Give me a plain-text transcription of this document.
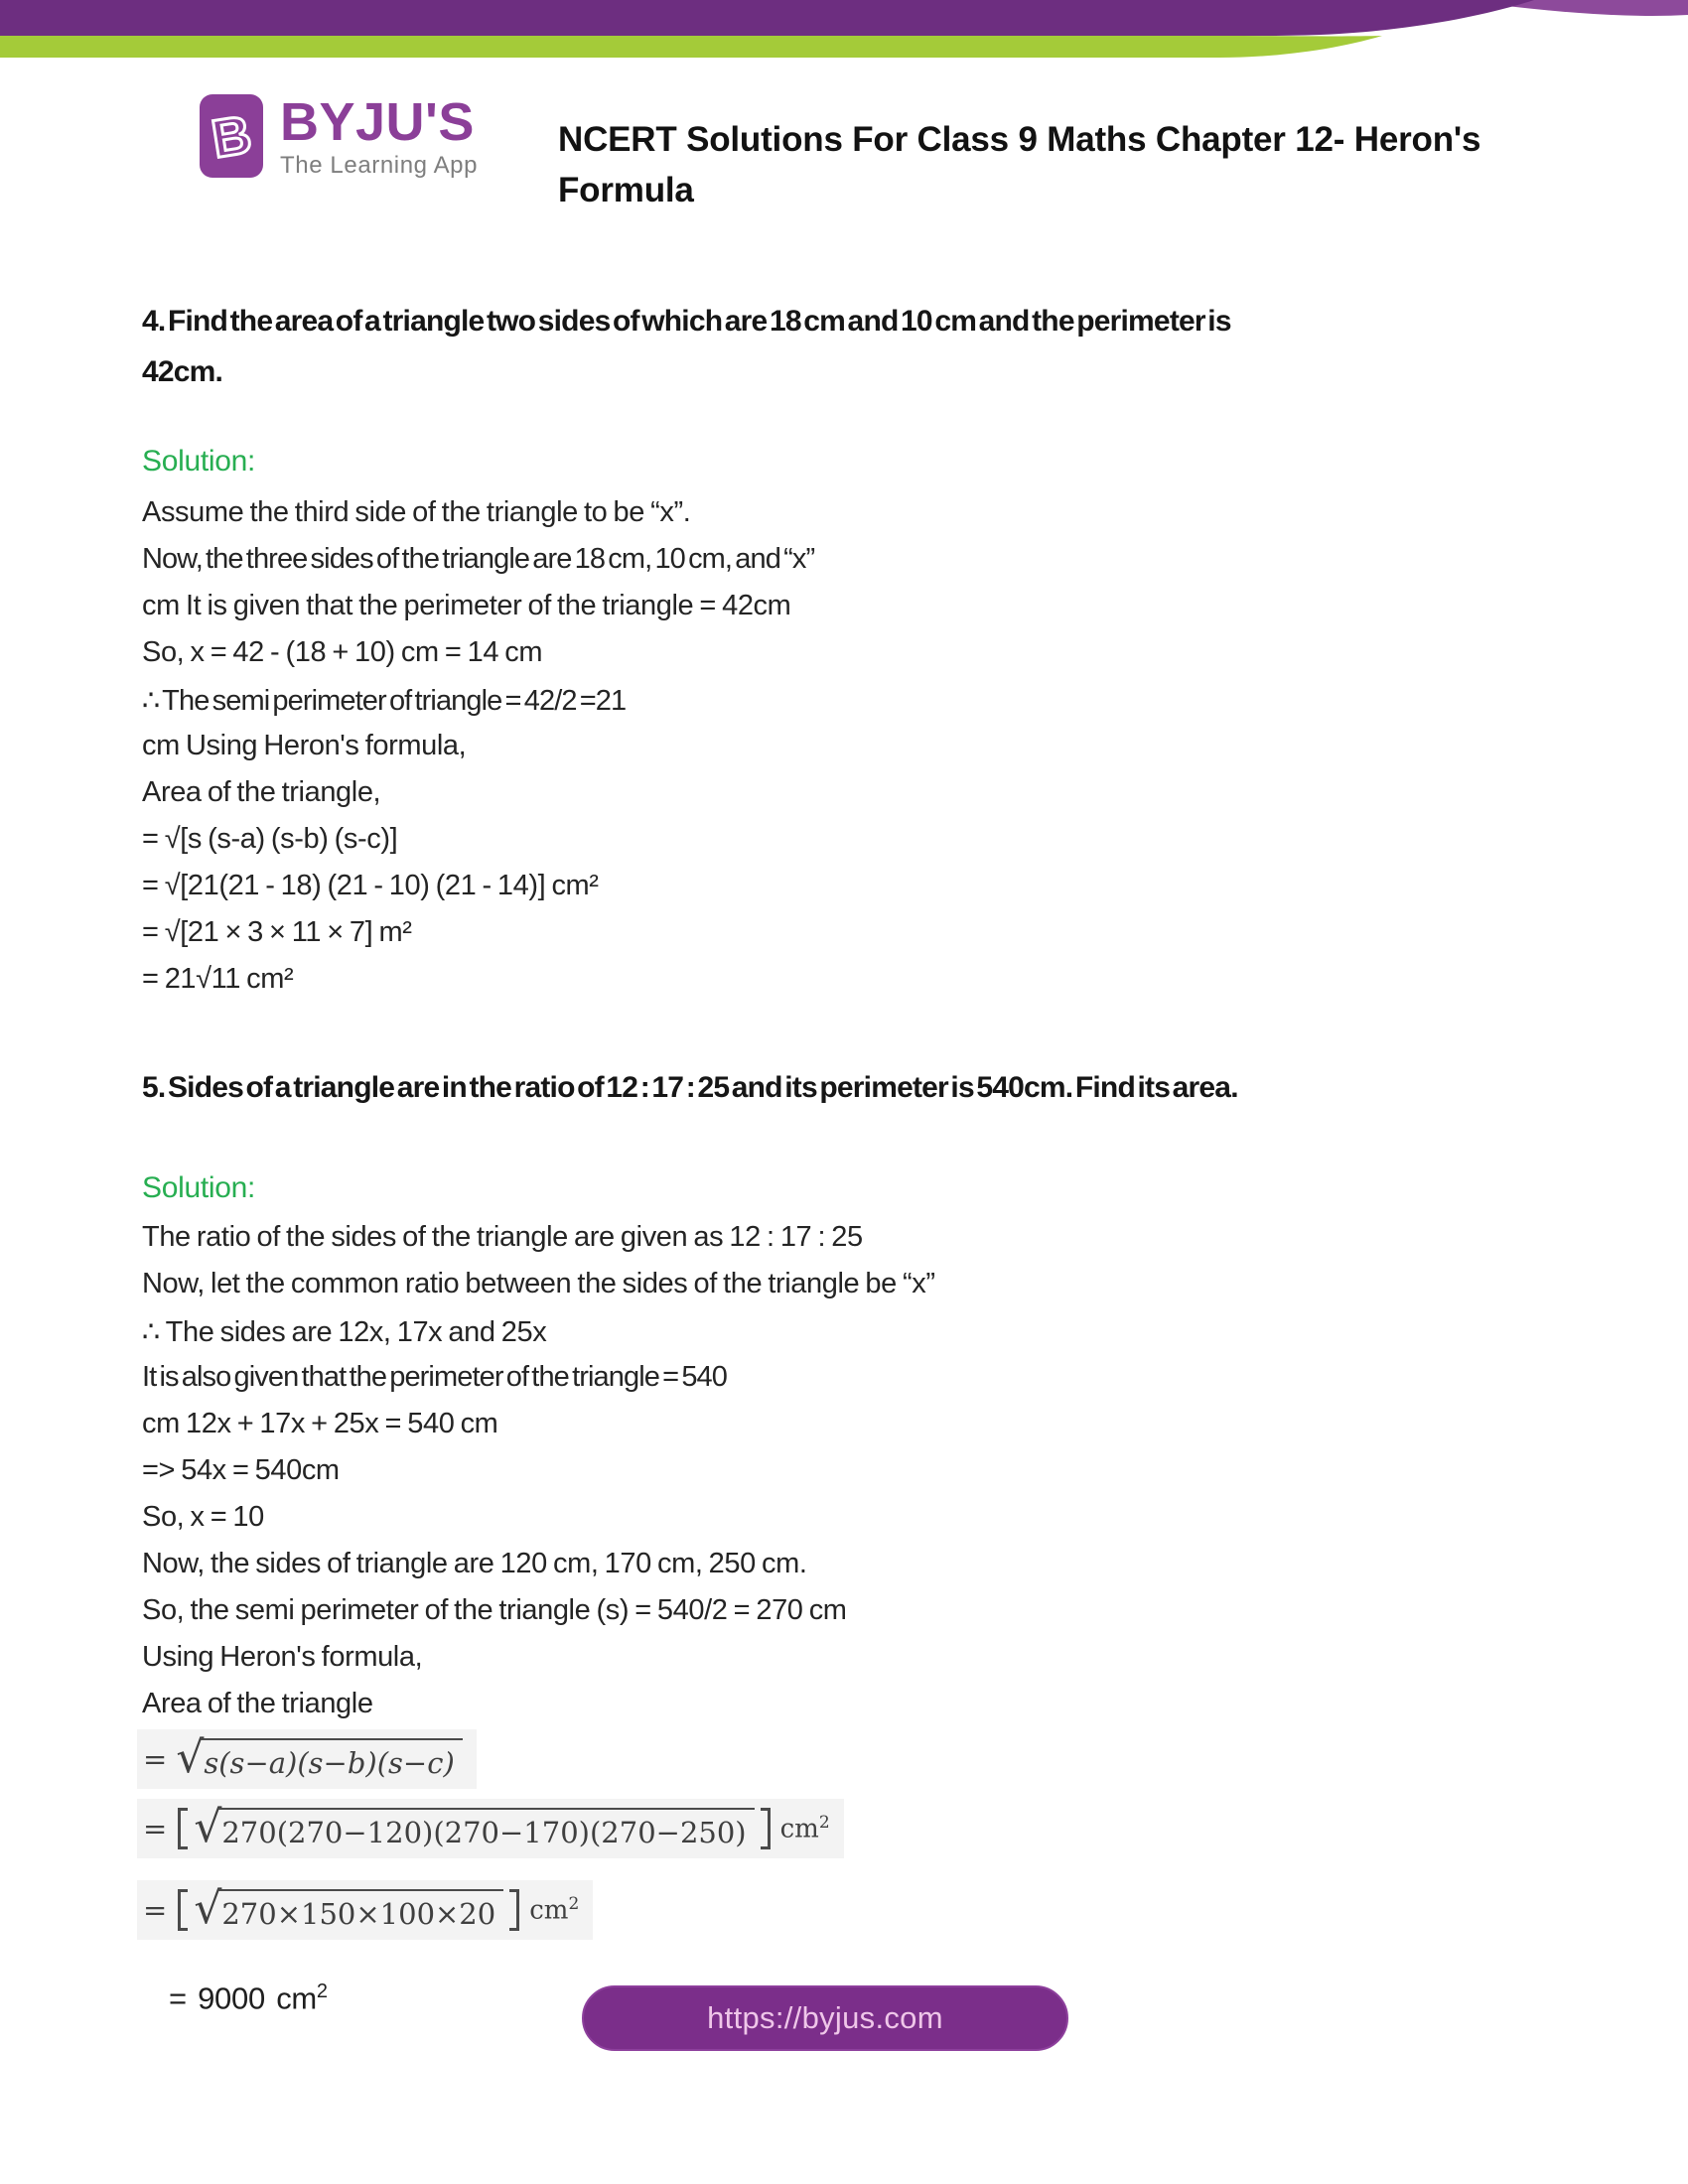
B BYJU'S
The Learning App
NCERT Solutions For Class 9 Maths Chapter 12- Heron's
Formula
4. Find the area of a triangle two sides of which are 18 cm and 10 cm and the perimeter is
42cm.
Solution:
Assume the third side of the triangle to be “x”.
Now, the three sides of the triangle are 18 cm, 10 cm, and “x”
cm It is given that the perimeter of the triangle = 42cm
So, x = 42 - (18 + 10) cm = 14 cm
∴ The semi perimeter of triangle = 42/2 =21
cm Using Heron's formula,
Area of the triangle,
= √[s (s-a) (s-b) (s-c)]
= √[21(21 - 18) (21 - 10) (21 - 14)] cm²
= √[21 × 3 × 11 × 7] m²
= 21√11 cm²
5. Sides of a triangle are in the ratio of 12 : 17 : 25 and its perimeter is 540cm. Find its area.
Solution:
The ratio of the sides of the triangle are given as 12 : 17 : 25
Now, let the common ratio between the sides of the triangle be “x”
∴ The sides are 12x, 17x and 25x
It is also given that the perimeter of the triangle = 540
cm 12x + 17x + 25x = 540 cm
=> 54x = 540cm
So, x = 10
Now, the sides of triangle are 120 cm, 170 cm, 250 cm.
So, the semi perimeter of the triangle (s) = 540/2 = 270 cm
Using Heron's formula,
Area of the triangle
= √ s(s−a)(s−b)(s−c)
= √ 270(270−120)(270−170)(270−250)	$cm^2$
= √ 270×150×100×20	$cm^2$
= 9000 $cm^2$
https://byjus.com
